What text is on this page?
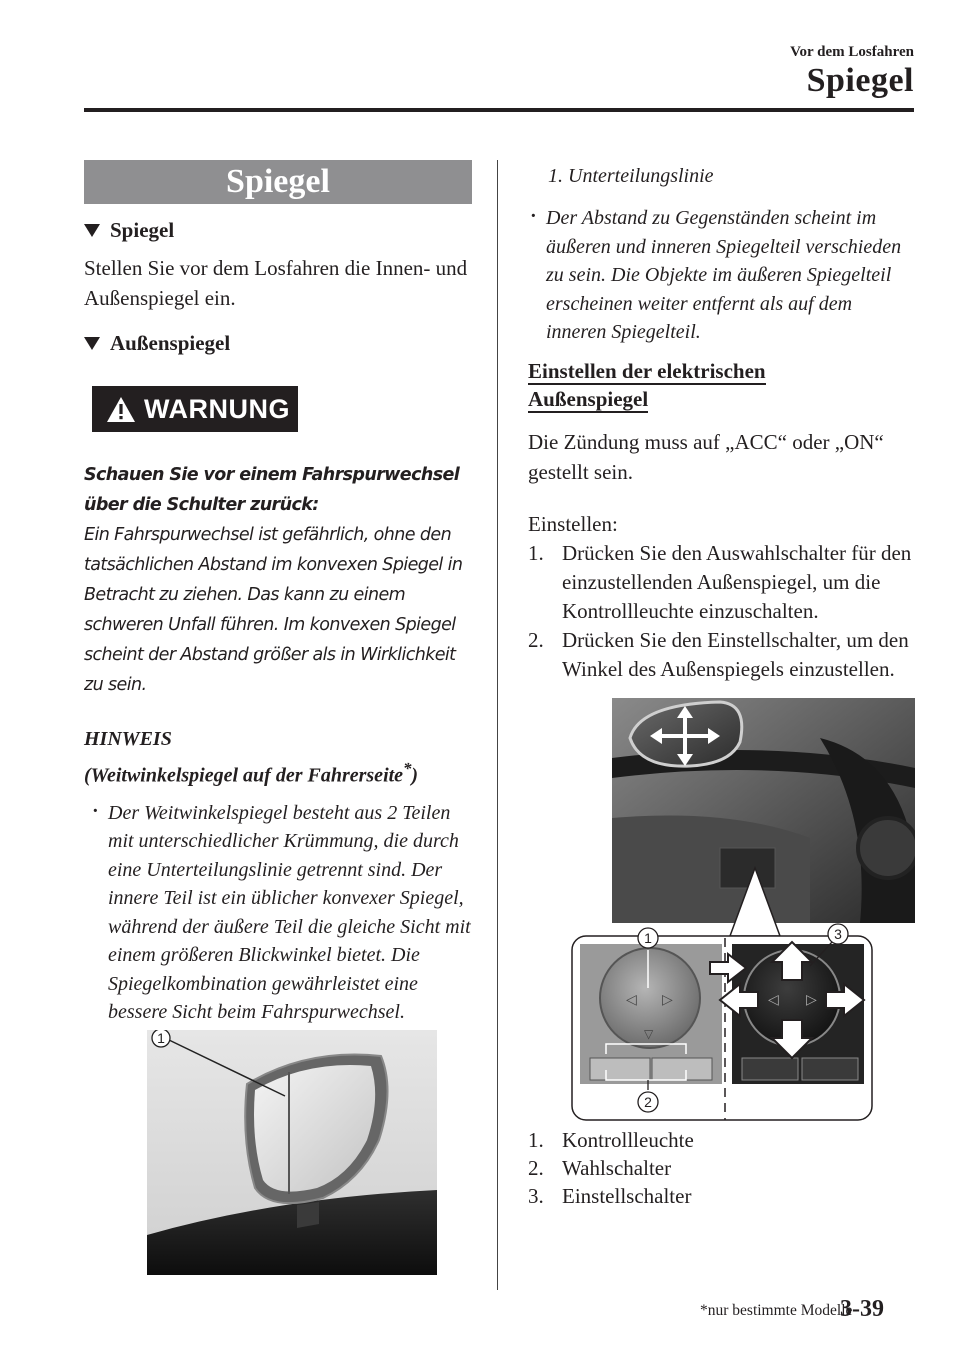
Vor dem Losfahren
Spiegel
Spiegel
Spiegel

Stellen Sie vor dem Losfahren die Innen- und Außenspiegel ein.

Außenspiegel
WARNUNG
Schauen Sie vor einem Fahrspurwechsel über die Schulter zurück:
Ein Fahrspurwechsel ist gefährlich, ohne den tatsächlichen Abstand im konvexen Spiegel in Betracht zu ziehen. Das kann zu einem schweren Unfall führen. Im konvexen Spiegel scheint der Abstand größer als in Wirklichkeit zu sein.
HINWEIS
(Weitwinkelspiegel auf der Fahrerseite*)
· Der Weitwinkelspiegel besteht aus 2 Teilen mit unterschiedlicher Krümmung, die durch eine Unterteilungslinie getrennt sind. Der innere Teil ist ein üblicher konvexer Spiegel, während der äußere Teil die gleiche Sicht mit einem größeren Blickwinkel bietet. Die Spiegelkombination gewährleistet eine bessere Sicht beim Fahrspurwechsel.
1
1. Unterteilungslinie
· Der Abstand zu Gegenständen scheint im äußeren und inneren Spiegelteil verschieden zu sein. Die Objekte im äußeren Spiegelteil erscheinen weiter entfernt als auf dem inneren Spiegelteil.
Einstellen der elektrischen
Außenspiegel

Die Zündung muss auf „ACC“ oder „ON“ gestellt sein.

Einstellen:

1. Drücken Sie den Auswahlschalter für den einzustellenden Außenspiegel, um die Kontrollleuchte einzuschalten.
2. Drücken Sie den Einstellschalter, um den Winkel des Außenspiegels einzustellen.
◁ ▷
▽
◁ ▷
1
2
3
1. Kontrollleuchte
2. Wahlschalter
3. Einstellschalter
*nur bestimmte Modelle
3-39
